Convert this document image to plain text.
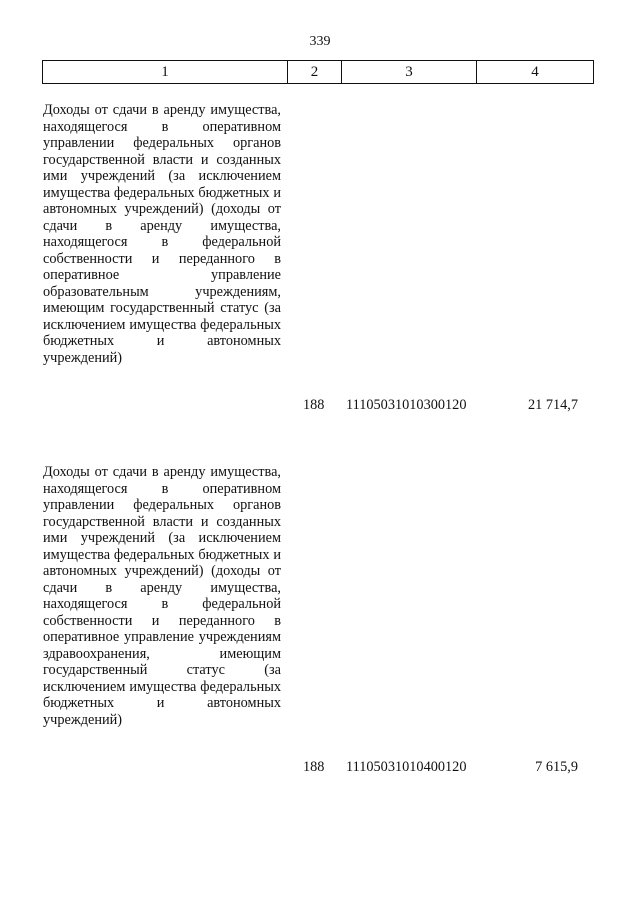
339
1	2	3	4
Доходы от сдачи в аренду имущества, находящегося в оперативном управлении федеральных органов государственной власти и созданных ими учреждений (за исключением имущества федеральных бюджетных и автономных учреждений) (доходы от сдачи в аренду имущества, находящегося в федеральной собственности и переданного в оперативное управление образовательным учреждениям, имеющим государственный статус (за исключением имущества федеральных бюджетных и автономных учреждений)
188 11105031010300120	21 714,7
Доходы от сдачи в аренду имущества, находящегося в оперативном управлении федеральных органов государственной власти и созданных ими учреждений (за исключением имущества федеральных бюджетных и автономных учреждений) (доходы от сдачи в аренду имущества, находящегося в федеральной собственности и переданного в оперативное управление учреждениям здравоохранения, имеющим государственный статус (за исключением имущества федеральных бюджетных и автономных учреждений)
188 11105031010400120	7 615,9
